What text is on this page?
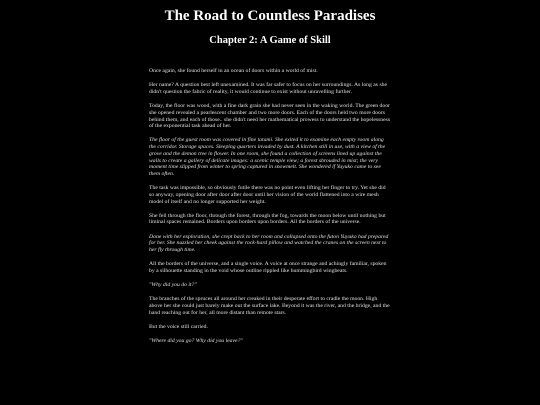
The Road to Countless Paradises
Chapter 2: A Game of Skill

Once again, she found herself in an ocean of doors within a world of mist.

Her name? A question best left unexamined. It was far safer to focus on her surroundings. As long as she didn't question the fabric of reality, it would continue to exist without unravelling further.

Today, the floor was wood, with a fine dark grain she had never seen in the waking world. The green door she opened revealed a pearlescent chamber and two more doors. Each of the doors held two more doors behind them, and each of those.. she didn't need her mathematical prowess to understand the hopelessness of the exponential task ahead of her.

The floor of the guest room was covered in fine tatami. She exited it to examine each empty room along the corridor. Storage spaces. Sleeping quarters invaded by dust. A kitchen still in use, with a view of the grove and the demon tree in flower. In one room, she found a collection of screens lined up against the walls to create a gallery of delicate images: a scenic temple view; a forest shrouded in mist; the very moment time slipped from winter to spring captured in snowmelt. She wondered if Yuyuko came to see them often.

The task was impossible, so obviously futile there was no point even lifting her finger to try. Yet she did so anyway, opening door after door after door until her vision of the world flattened into a wire mesh model of itself and no longer supported her weight.

She fell through the floor, through the forest, through the fog, towards the moon below until nothing but liminal spaces remained. Borders upon borders upon borders. All the borders of the universe.

Done with her exploration, she crept back to her room and collapsed onto the futon Yuyuko had prepared for her. She nuzzled her cheek against the rock-hard pillow and watched the cranes on the screen next to her fly through time.

All the borders of the universe, and a single voice. A voice at once strange and achingly familiar, spoken by a silhouette standing in the void whose outline rippled like hummingbird wingbeats.

"Why did you do it?"

The branches of the spruces all around her creaked in their desperate effort to cradle the moon. High above her she could just barely make out the surface lake. Beyond it was the river, and the bridge, and the hand reaching out for her, all more distant than remote stars.

But the voice still carried.

"Where did you go? Why did you leave?"
